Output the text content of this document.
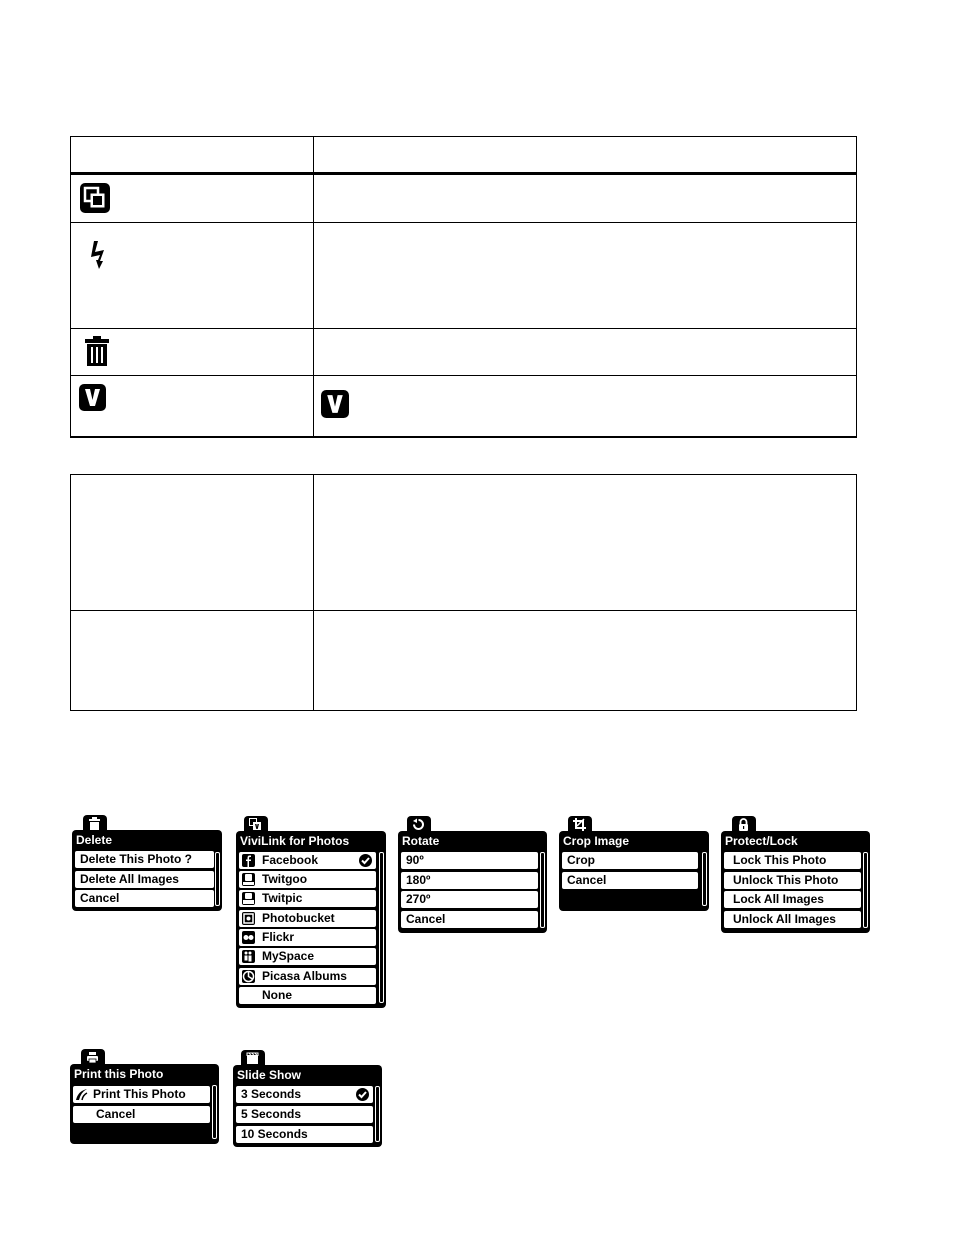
Delete
Delete This Photo ?
Delete All Images
Cancel
ViviLink for Photos
Facebook
Twitgoo
Twitpic
Photobucket
Flickr
MySpace
Picasa Albums
None
Rotate
90º
180º
270º
Cancel
Crop Image
Crop
Cancel
Protect/Lock
Lock This Photo
Unlock This Photo
Lock All Images
Unlock All Images
Print this Photo
Print This Photo
Cancel
Slide Show
3 Seconds
5 Seconds
10 Seconds
